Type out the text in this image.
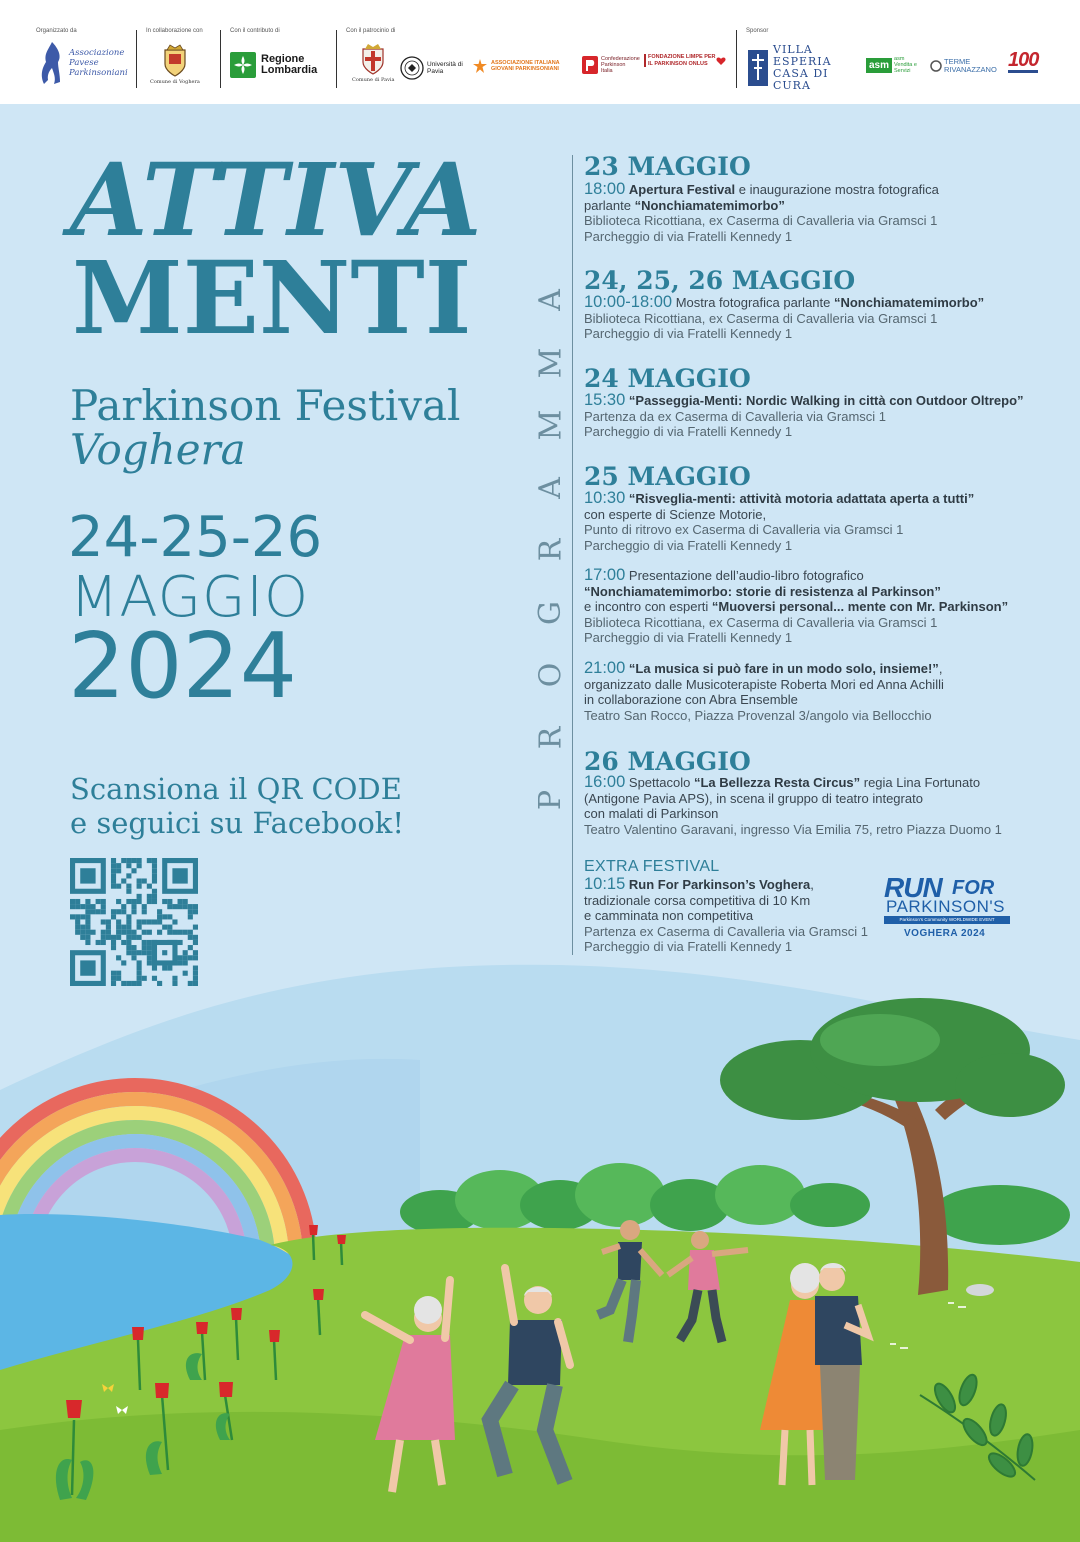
Organizzato da
Associazione Pavese Parkinsoniani
In collaborazione con
Comune di Voghera
Con il contributo di
Regione Lombardia
Con il patrocinio di
Comune di Pavia
Università di Pavia
ASSOCIAZIONE ITALIANA GIOVANI PARKINSONIANI
Confederazione Parkinson Italia
FONDAZIONE LIMPE PER IL PARKINSON ONLUS
Sponsor
VILLA ESPERIA CASA DI CURA
asm
asm Vendita e Servizi
TERME RIVANAZZANO 100
ATTIVA
MENTI
Parkinson Festival
Voghera
24-25-26
MAGGIO
2024
Scansiona il QR CODE
e seguici su Facebook!
A
M
M
A
R
G
O
R
P
23 MAGGIO
18:00 Apertura Festival e inaugurazione mostra fotografica
parlante “Nonchiamatemimorbo”
Biblioteca Ricottiana, ex Caserma di Cavalleria via Gramsci 1
Parcheggio di via Fratelli Kennedy 1
24, 25, 26 MAGGIO
10:00-18:00 Mostra fotografica parlante “Nonchiamatemimorbo”
Biblioteca Ricottiana, ex Caserma di Cavalleria via Gramsci 1
Parcheggio di via Fratelli Kennedy 1
24 MAGGIO
15:30 “Passeggia-Menti: Nordic Walking in città con Outdoor Oltrepo”
Partenza da ex Caserma di Cavalleria via Gramsci 1
Parcheggio di via Fratelli Kennedy 1
25 MAGGIO
10:30 “Risveglia-menti: attività motoria adattata aperta a tutti”
con esperte di Scienze Motorie,
Punto di ritrovo ex Caserma di Cavalleria via Gramsci 1
Parcheggio di via Fratelli Kennedy 1
17:00 Presentazione dell’audio-libro fotografico
“Nonchiamatemimorbo: storie di resistenza al Parkinson”
e incontro con esperti “Muoversi personal... mente con Mr. Parkinson”
Biblioteca Ricottiana, ex Caserma di Cavalleria via Gramsci 1
Parcheggio di via Fratelli Kennedy 1
21:00 “La musica si può fare in un modo solo, insieme!”,
organizzato dalle Musicoterapiste Roberta Mori ed Anna Achilli
in collaborazione con Abra Ensemble
Teatro San Rocco, Piazza Provenzal 3/angolo via Bellocchio
26 MAGGIO
16:00 Spettacolo “La Bellezza Resta Circus” regia Lina Fortunato
(Antigone Pavia APS), in scena il gruppo di teatro integrato
con malati di Parkinson
Teatro Valentino Garavani, ingresso Via Emilia 75, retro Piazza Duomo 1
EXTRA FESTIVAL
10:15 Run For Parkinson’s Voghera,
tradizionale corsa competitiva di 10 Km
e camminata non competitiva
Partenza ex Caserma di Cavalleria via Gramsci 1
Parcheggio di via Fratelli Kennedy 1
RUN FOR
PARKINSON'S
Parkinson's Community WORLDWIDE EVENT
VOGHERA 2024
